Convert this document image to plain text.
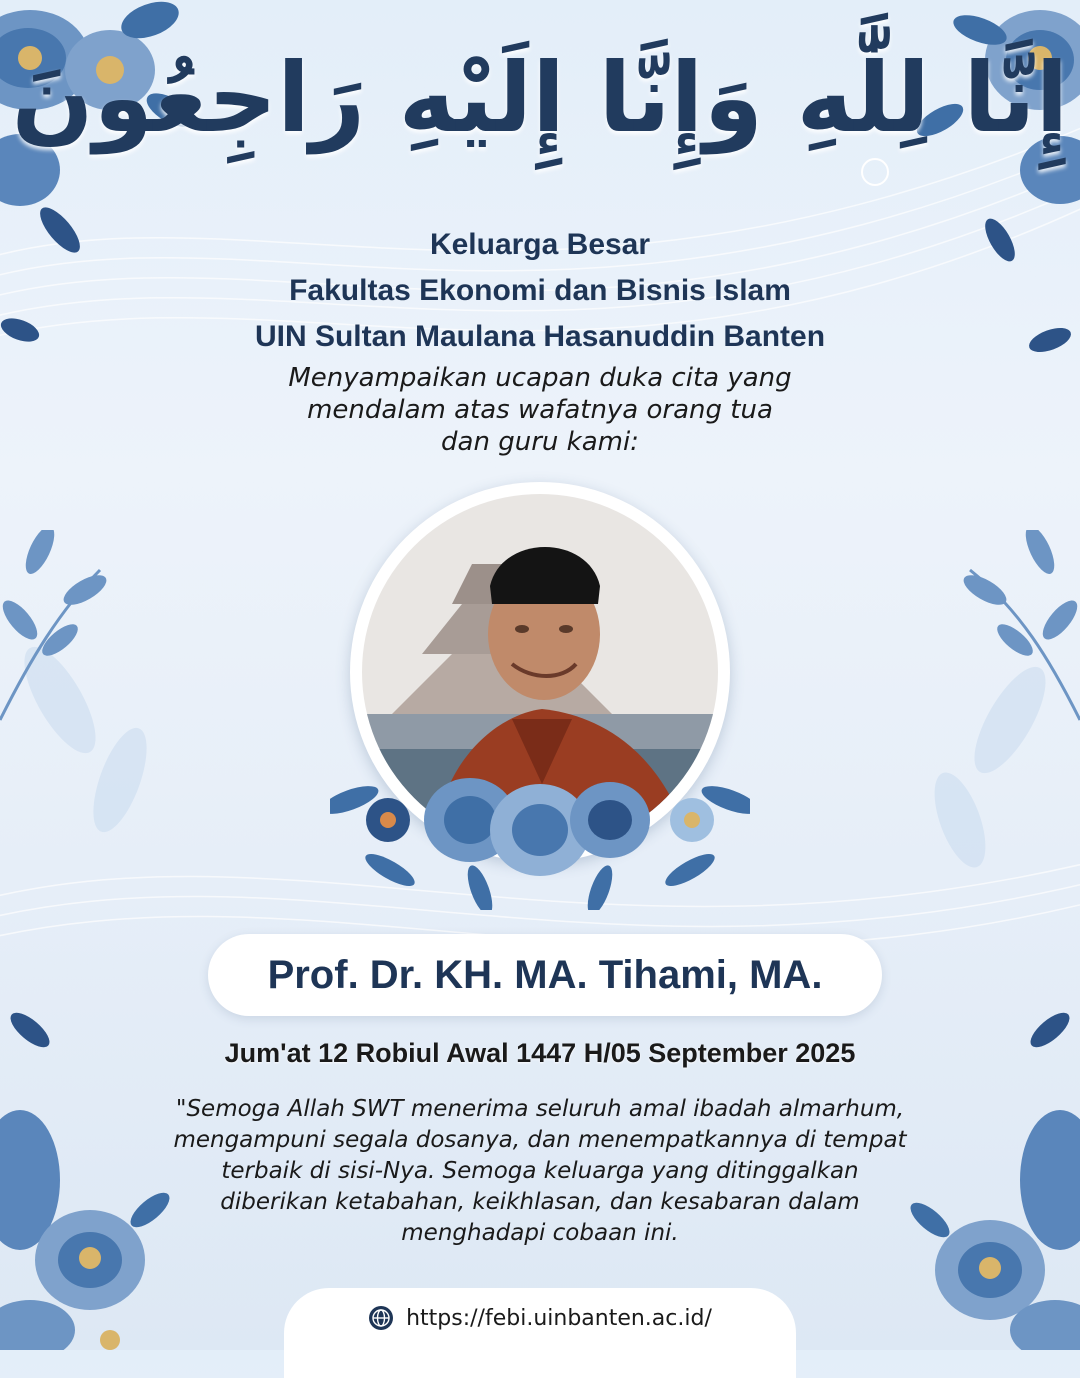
إِنَّا لِلَّٰهِ وَإِنَّا إِلَيْهِ رَاجِعُونَ
Keluarga Besar
Fakultas Ekonomi dan Bisnis Islam
UIN Sultan Maulana Hasanuddin Banten
Menyampaikan ucapan duka cita yang
mendalam atas wafatnya orang tua
dan guru kami:
Prof. Dr. KH. MA. Tihami, MA.
Jum'at 12 Robiul Awal 1447 H/05 September 2025
"Semoga Allah SWT menerima seluruh amal ibadah almarhum,
mengampuni segala dosanya, dan menempatkannya di tempat
terbaik di sisi-Nya. Semoga keluarga yang ditinggalkan
diberikan ketabahan, keikhlasan, dan kesabaran dalam
menghadapi cobaan ini.
https://febi.uinbanten.ac.id/
